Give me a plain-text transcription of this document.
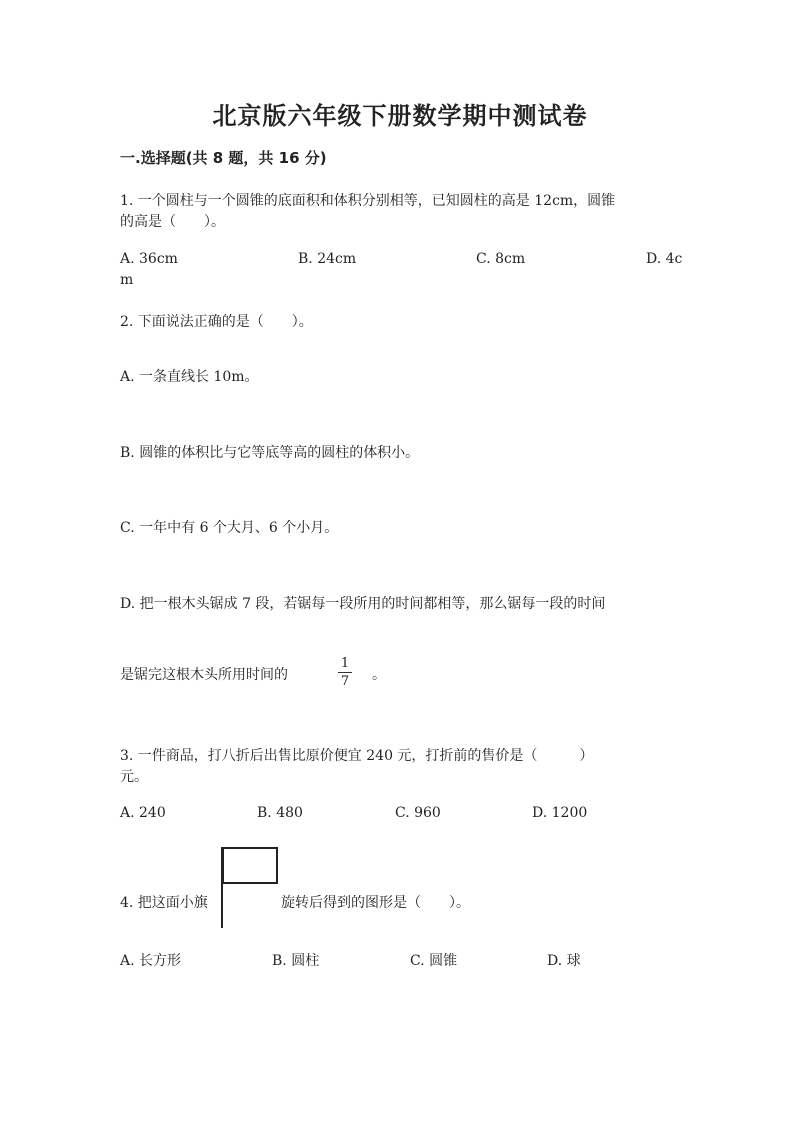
北京版六年级下册数学期中测试卷
一.选择题(共 8 题，共 16 分)
1. 一个圆柱与一个圆锥的底面积和体积分别相等，已知圆柱的高是 12cm，圆锥
的高是（　　）。
A. 36cm	B. 24cm	C. 8cm	D. 4c
m
2. 下面说法正确的是（　　）。
A. 一条直线长 10m。
B. 圆锥的体积比与它等底等高的圆柱的体积小。
C. 一年中有 6 个大月、6 个小月。
D. 把一根木头锯成 7 段，若锯每一段所用的时间都相等，那么锯每一段的时间
是锯完这根木头所用时间的
1
7 。
3. 一件商品，打八折后出售比原价便宜 240 元，打折前的售价是（　　　）
元。
A. 240	B. 480	C. 960	D. 1200
4. 把这面小旗	旋转后得到的图形是（　　）。
A. 长方形	B. 圆柱	C. 圆锥	D. 球
